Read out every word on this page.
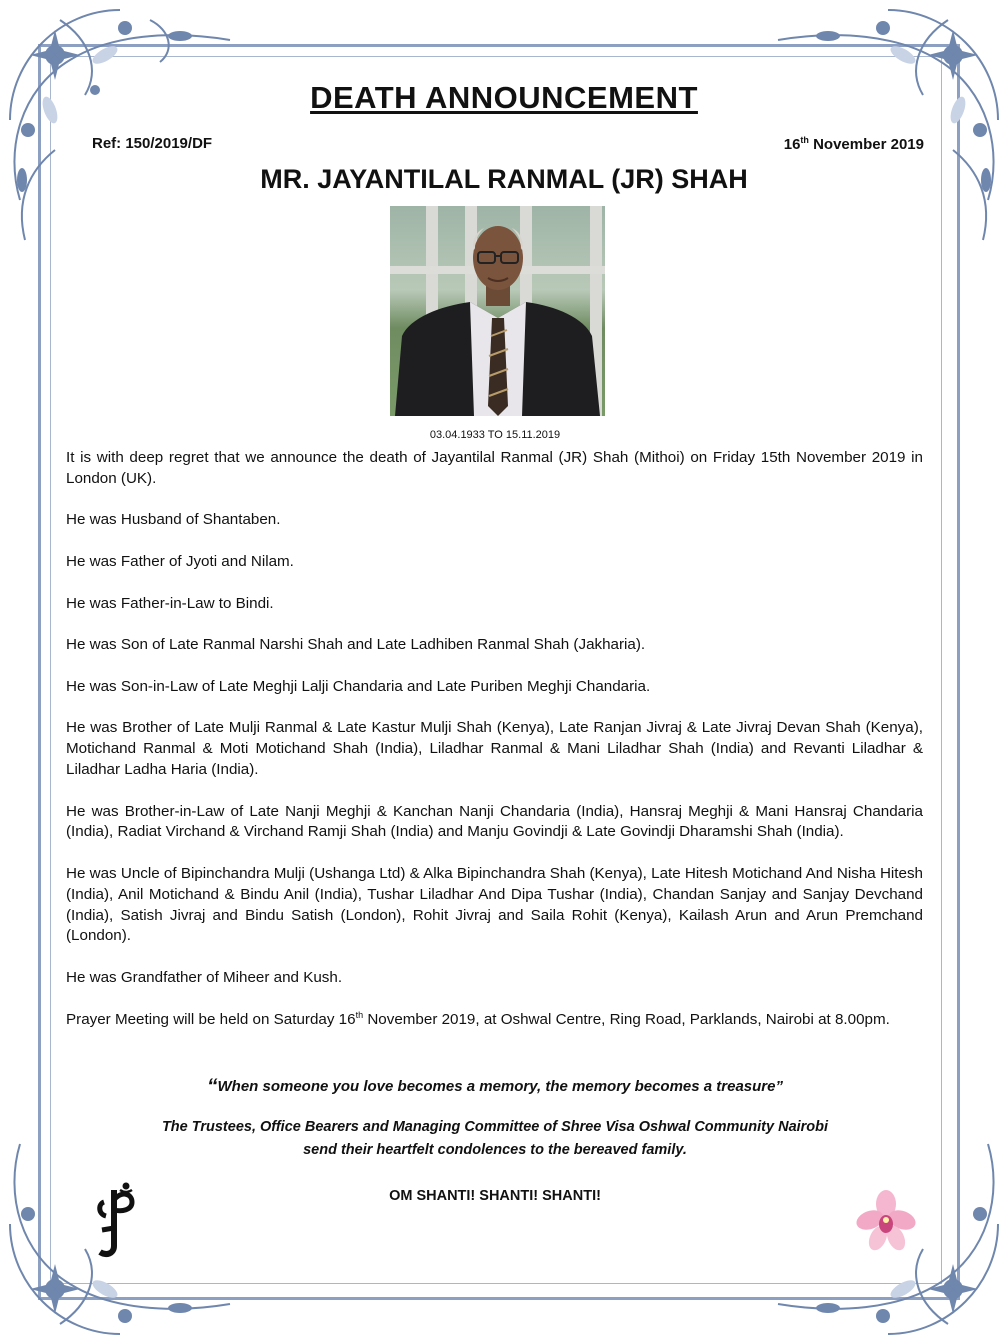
DEATH ANNOUNCEMENT
Ref: 150/2019/DF	16th November 2019
MR. JAYANTILAL RANMAL (JR) SHAH
03.04.1933 TO 15.11.2019

It is with deep regret that we announce the death of Jayantilal Ranmal (JR) Shah (Mithoi) on Friday 15th November 2019 in London (UK).

He was Husband of Shantaben.

He was Father of Jyoti and Nilam.

He was Father-in-Law to Bindi.

He was Son of Late Ranmal Narshi Shah and Late Ladhiben Ranmal Shah (Jakharia).

He was Son-in-Law of Late Meghji Lalji Chandaria and Late Puriben Meghji Chandaria.

He was Brother of Late Mulji Ranmal & Late Kastur Mulji Shah (Kenya), Late Ranjan Jivraj & Late Jivraj Devan Shah (Kenya), Motichand Ranmal & Moti Motichand Shah (India), Liladhar Ranmal & Mani Liladhar Shah (India) and Revanti Liladhar & Liladhar Ladha Haria (India).

He was Brother-in-Law of Late Nanji Meghji & Kanchan Nanji Chandaria (India), Hansraj Meghji & Mani Hansraj Chandaria (India), Radiat Virchand & Virchand Ramji Shah (India) and Manju Govindji & Late Govindji Dharamshi Shah (India).

He was Uncle of Bipinchandra Mulji (Ushanga Ltd) & Alka Bipinchandra Shah (Kenya), Late Hitesh Motichand And Nisha Hitesh (India), Anil Motichand & Bindu Anil (India), Tushar Liladhar And Dipa Tushar (India), Chandan Sanjay and Sanjay Devchand (India), Satish Jivraj and Bindu Satish (London), Rohit Jivraj and Saila Rohit (Kenya), Kailash Arun and Arun Premchand (London).

He was Grandfather of Miheer and Kush.

Prayer Meeting will be held on Saturday 16th November 2019, at Oshwal Centre, Ring Road, Parklands, Nairobi at 8.00pm.

“When someone you love becomes a memory, the memory becomes a treasure”
The Trustees, Office Bearers and Managing Committee of Shree Visa Oshwal Community Nairobi
send their heartfelt condolences to the bereaved family.
OM SHANTI! SHANTI! SHANTI!
